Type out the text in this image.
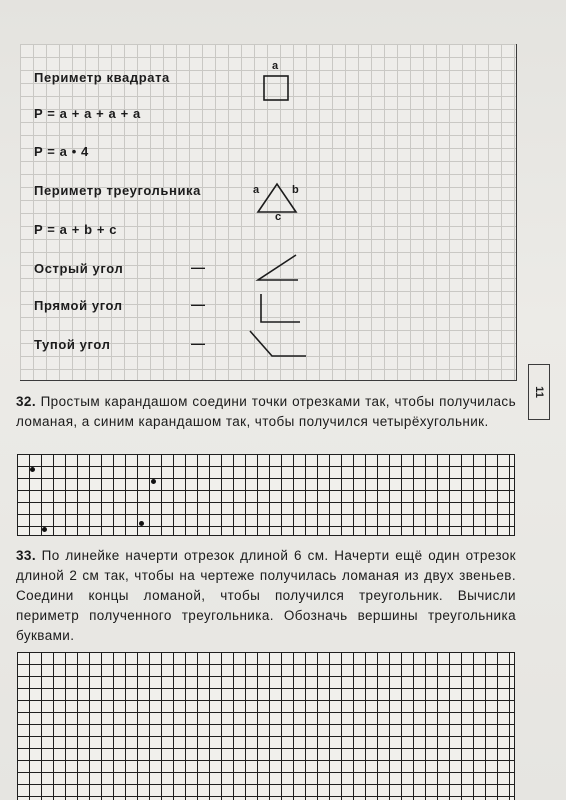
Периметр квадрата
a
P = a + a + a + a
P = a • 4
Периметр треугольника	a	b
c
P = a + b + c
Острый угол	—
Прямой угол	—
Тупой угол	—
11
32. Простым карандашом соедини точки отрезками так, чтобы получилась ломаная, а синим карандашом так, чтобы получился четырёхугольник.
33. По линейке начерти отрезок длиной 6 см. Начерти ещё один отрезок длиной 2 см так, чтобы на чертеже получилась ломаная из двух звеньев. Соедини концы ломаной, чтобы получился треугольник. Вычисли периметр полученного треугольника. Обозначь вершины треугольника буквами.
